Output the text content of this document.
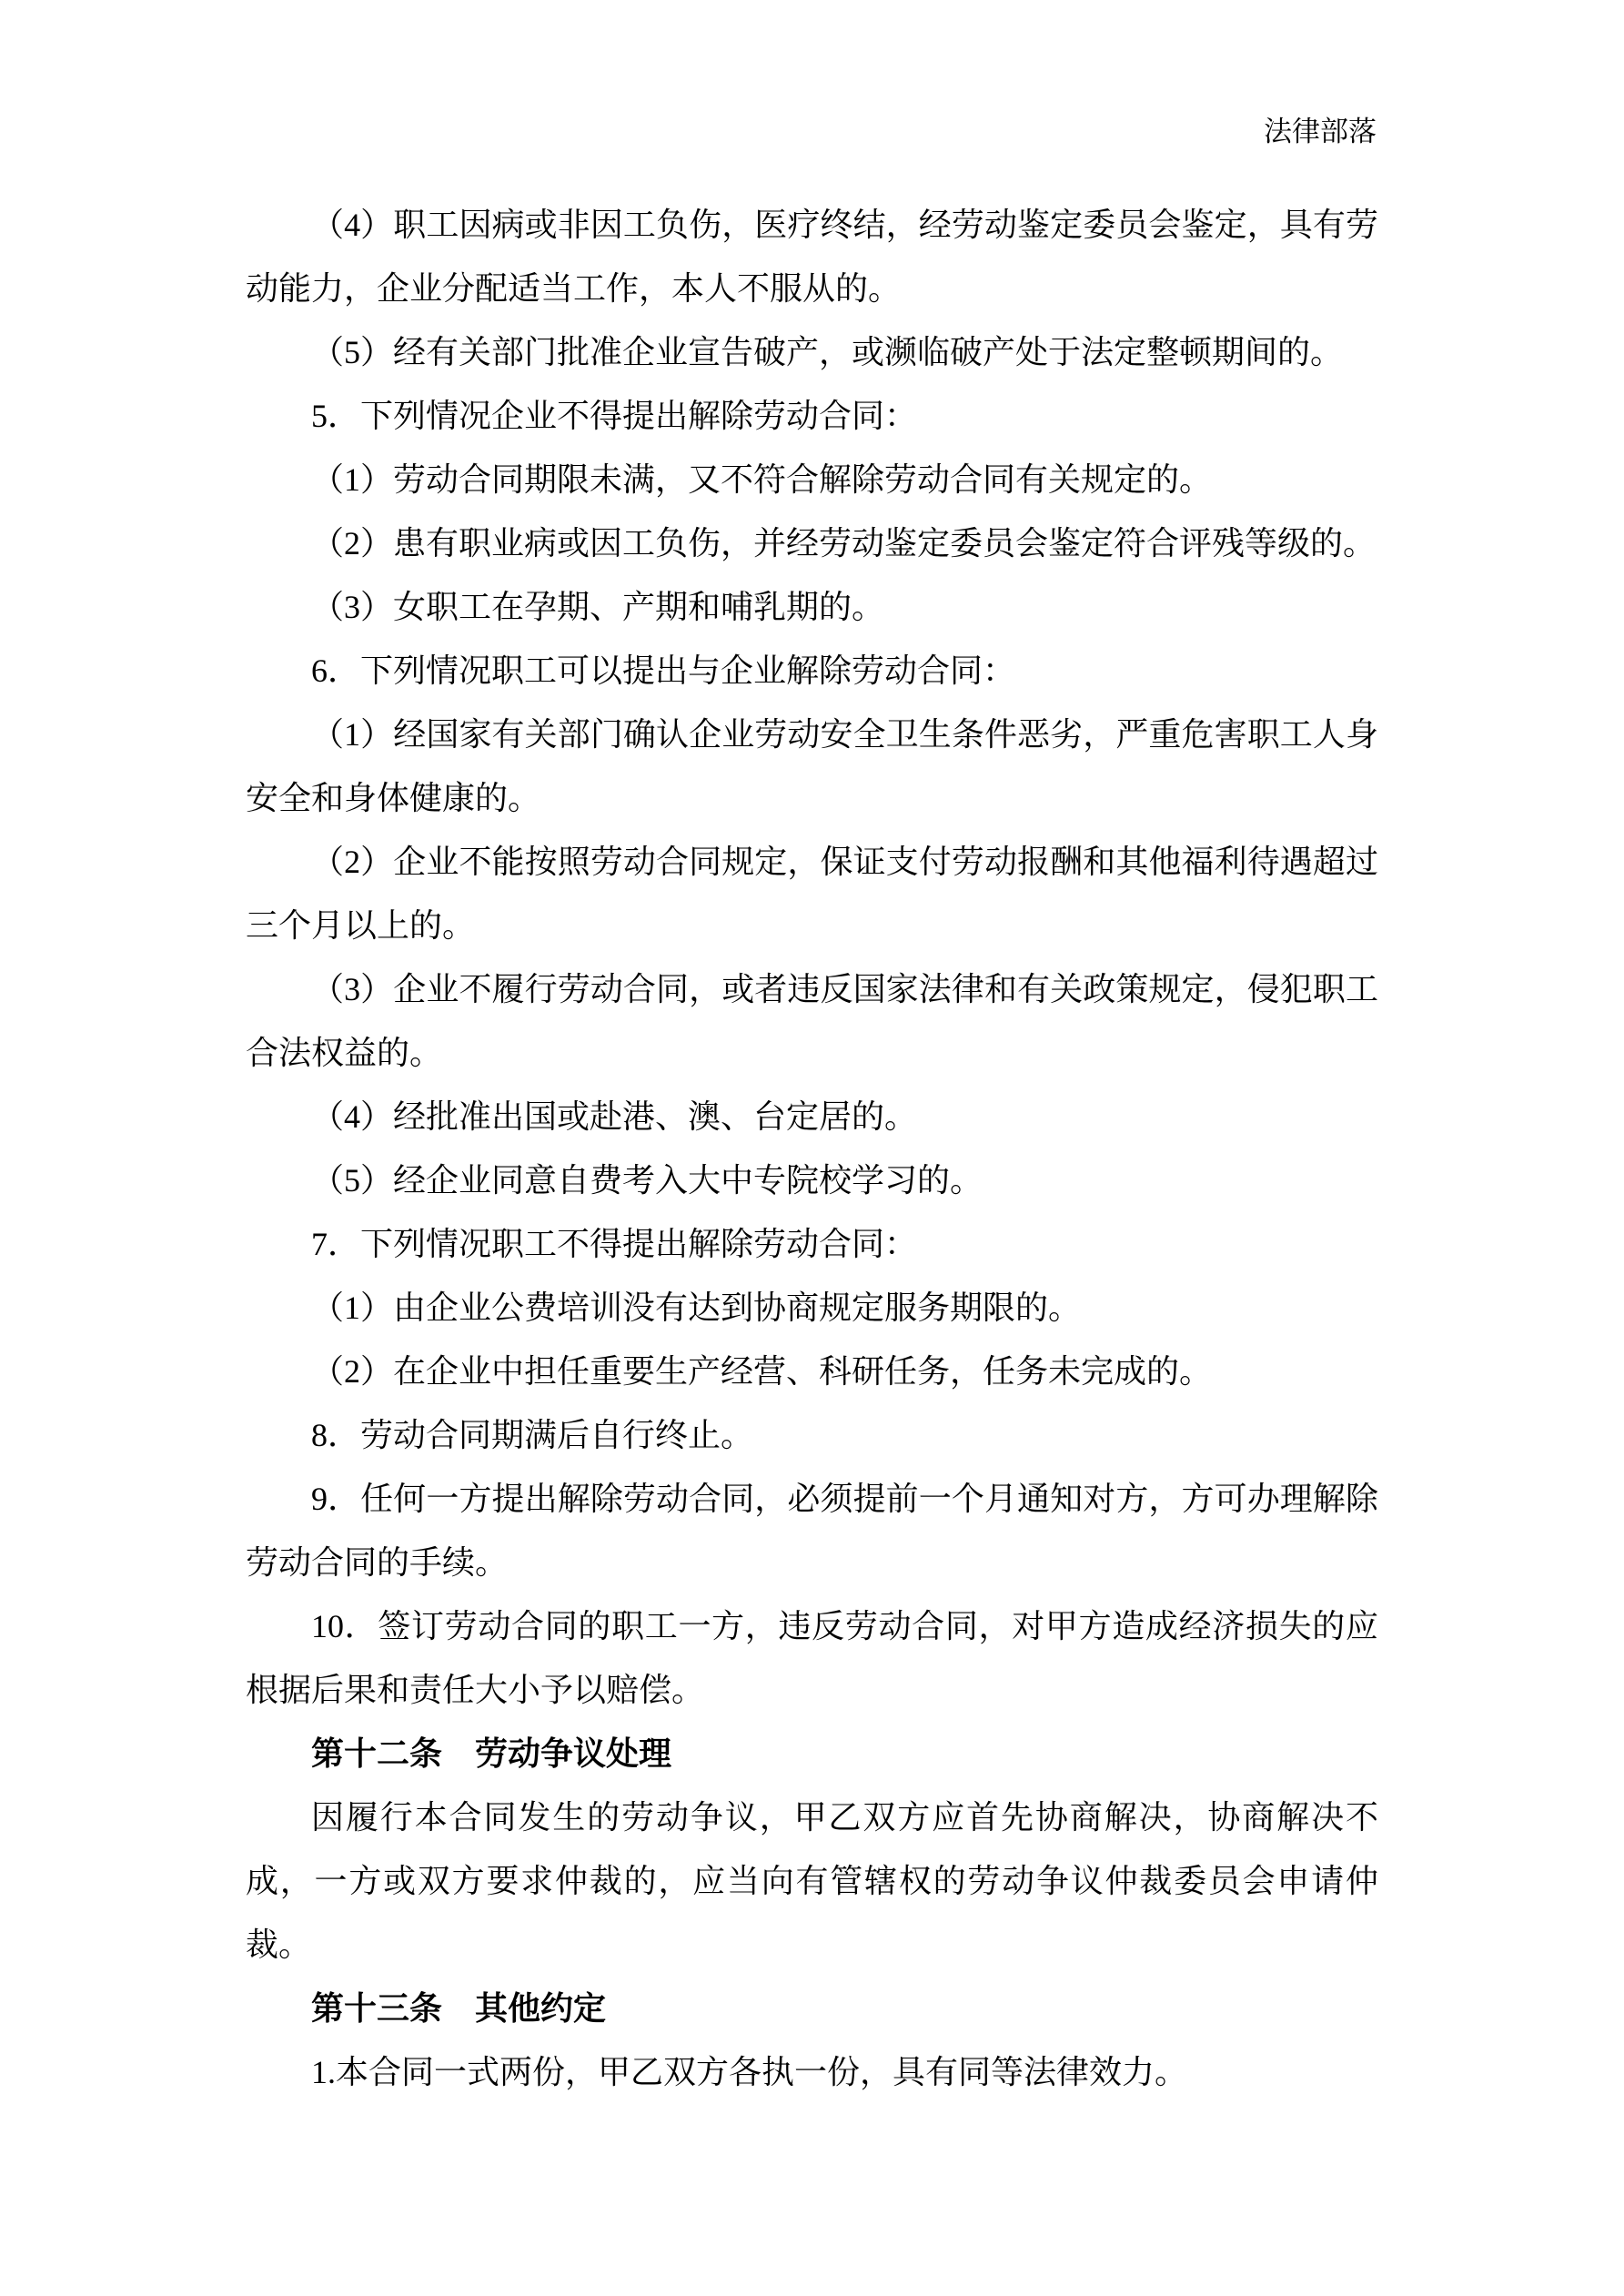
法律部落

（4）职工因病或非因工负伤，医疗终结，经劳动鉴定委员会鉴定，具有劳动能力，企业分配适当工作，本人不服从的。

（5）经有关部门批准企业宣告破产，或濒临破产处于法定整顿期间的。

5．下列情况企业不得提出解除劳动合同：

（1）劳动合同期限未满，又不符合解除劳动合同有关规定的。

（2）患有职业病或因工负伤，并经劳动鉴定委员会鉴定符合评残等级的。

（3）女职工在孕期、产期和哺乳期的。

6．下列情况职工可以提出与企业解除劳动合同：

（1）经国家有关部门确认企业劳动安全卫生条件恶劣，严重危害职工人身安全和身体健康的。

（2）企业不能按照劳动合同规定，保证支付劳动报酬和其他福利待遇超过三个月以上的。

（3）企业不履行劳动合同，或者违反国家法律和有关政策规定，侵犯职工合法权益的。

（4）经批准出国或赴港、澳、台定居的。

（5）经企业同意自费考入大中专院校学习的。

7．下列情况职工不得提出解除劳动合同：

（1）由企业公费培训没有达到协商规定服务期限的。

（2）在企业中担任重要生产经营、科研任务，任务未完成的。

8．劳动合同期满后自行终止。

9．任何一方提出解除劳动合同，必须提前一个月通知对方，方可办理解除劳动合同的手续。

10．签订劳动合同的职工一方，违反劳动合同，对甲方造成经济损失的应根据后果和责任大小予以赔偿。

第十二条　劳动争议处理

因履行本合同发生的劳动争议，甲乙双方应首先协商解决，协商解决不成，一方或双方要求仲裁的，应当向有管辖权的劳动争议仲裁委员会申请仲裁。

第十三条　其他约定

1.本合同一式两份，甲乙双方各执一份，具有同等法律效力。
